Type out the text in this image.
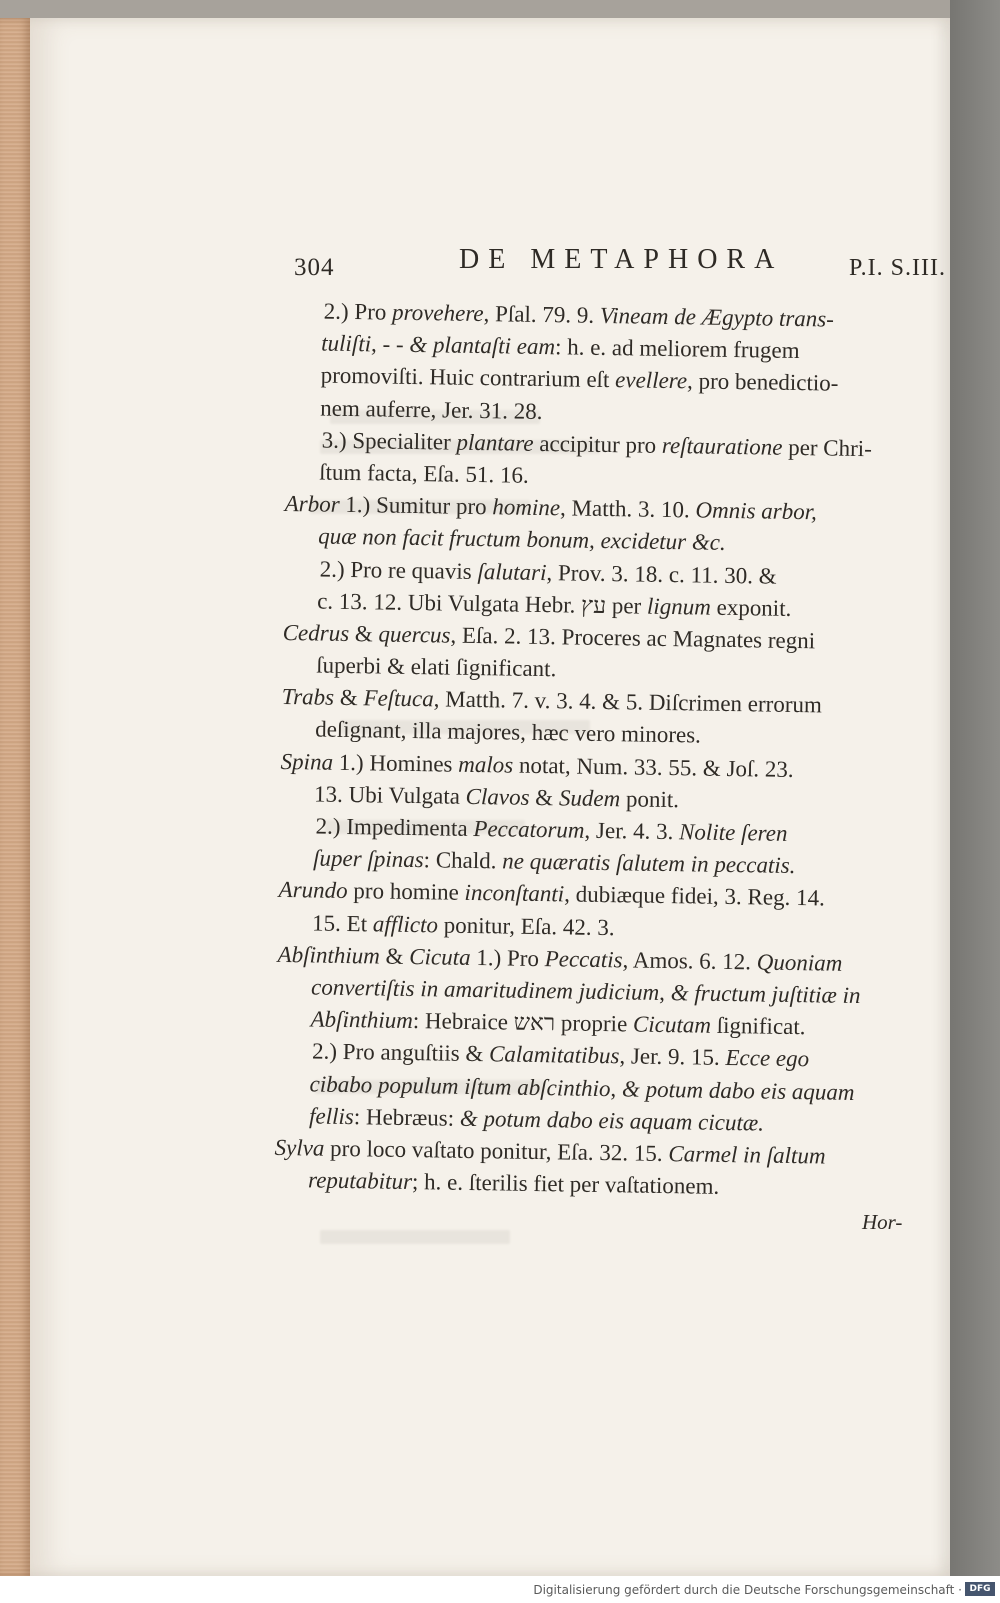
304	DE METAPHORA	P.I. S.III.
2.) Pro provehere, Pſal. 79. 9. Vineam de Ægypto trans-
tuliſti, - - & plantaſti eam: h. e. ad meliorem frugem
promoviſti. Huic contrarium eſt evellere, pro benedictio-
nem auferre, Jer. 31. 28.
3.) Specialiter plantare accipitur pro reſtauratione per Chri-
ſtum facta, Eſa. 51. 16.
Arbor 1.) Sumitur pro homine, Matth. 3. 10. Omnis arbor,
quæ non facit fructum bonum, excidetur &c.
2.) Pro re quavis ſalutari, Prov. 3. 18. c. 11. 30. &
c. 13. 12. Ubi Vulgata Hebr. עץ per lignum exponit.
Cedrus & quercus, Eſa. 2. 13. Proceres ac Magnates regni
ſuperbi & elati ſignificant.
Trabs & Feſtuca, Matth. 7. v. 3. 4. & 5. Diſcrimen errorum
deſignant, illa majores, hæc vero minores.
Spina 1.) Homines malos notat, Num. 33. 55. & Joſ. 23.
13. Ubi Vulgata Clavos & Sudem ponit.
2.) Impedimenta Peccatorum, Jer. 4. 3. Nolite ſeren
ſuper ſpinas: Chald. ne quæratis ſalutem in peccatis.
Arundo pro homine inconſtanti, dubiæque fidei, 3. Reg. 14.
15. Et afflicto ponitur, Eſa. 42. 3.
Abſinthium & Cicuta 1.) Pro Peccatis, Amos. 6. 12. Quoniam
convertiſtis in amaritudinem judicium, & fructum juſtitiæ in
Abſinthium: Hebraice ראש proprie Cicutam ſignificat.
2.) Pro anguſtiis & Calamitatibus, Jer. 9. 15. Ecce ego
cibabo populum iſtum abſcinthio, & potum dabo eis aquam
fellis: Hebræus: & potum dabo eis aquam cicutæ.
Sylva pro loco vaſtato ponitur, Eſa. 32. 15. Carmel in ſaltum
reputabitur; h. e. ſterilis fiet per vaſtationem.
Hor-
Digitalisierung gefördert durch die Deutsche Forschungsgemeinschaft · DFG
